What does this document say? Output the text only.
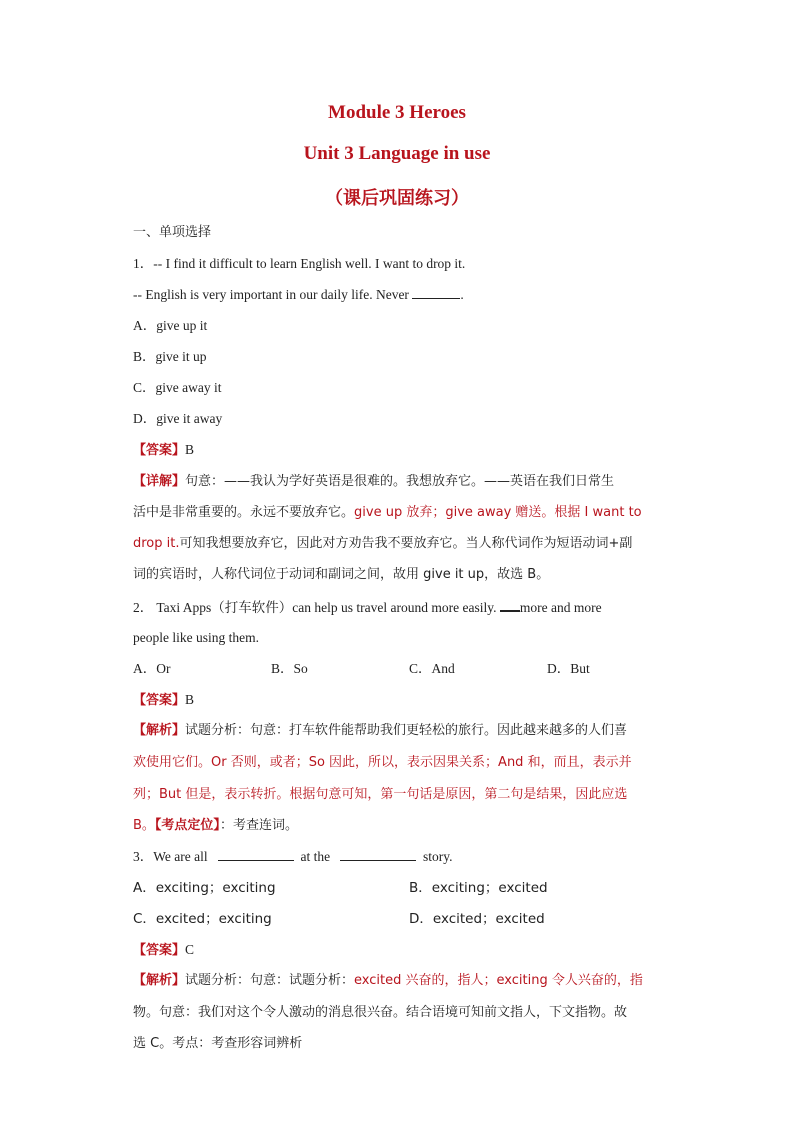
Module 3 Heroes
Unit 3 Language in use
（课后巩固练习）
一、单项选择
1．-- I find it difficult to learn English well. I want to drop it.
-- English is very important in our daily life. Never	.
A．give up it
B．give it up
C．give away it
D．give it away
【答案】B
【详解】句意：——我认为学好英语是很难的。我想放弃它。——英语在我们日常生
活中是非常重要的。永远不要放弃它。give up 放弃；give away 赠送。根据 I want to
drop it.可知我想要放弃它，因此对方劝告我不要放弃它。当人称代词作为短语动词+副
词的宾语时，人称代词位于动词和副词之间，故用 give it up，故选 B。
2． Taxi Apps（打车软件）can help us travel around more easily. more and more
people like using them.
A．Or	B．So	C．And	D．But
【答案】B
【解析】试题分析：句意：打车软件能帮助我们更轻松的旅行。因此越来越多的人们喜
欢使用它们。Or 否则，或者；So 因此，所以，表示因果关系；And 和，而且，表示并
列；But 但是，表示转折。根据句意可知，第一句话是原因，第二句是结果，因此应选
B。【考点定位】：考查连词。
3．We are all	at the	story.
A．exciting；exciting	B．exciting；excited
C．excited；exciting	D．excited；excited
【答案】C
【解析】试题分析：句意：试题分析：excited 兴奋的，指人；exciting 令人兴奋的，指
物。句意：我们对这个令人激动的消息很兴奋。结合语境可知前文指人，下文指物。故
选 C。考点：考查形容词辨析
